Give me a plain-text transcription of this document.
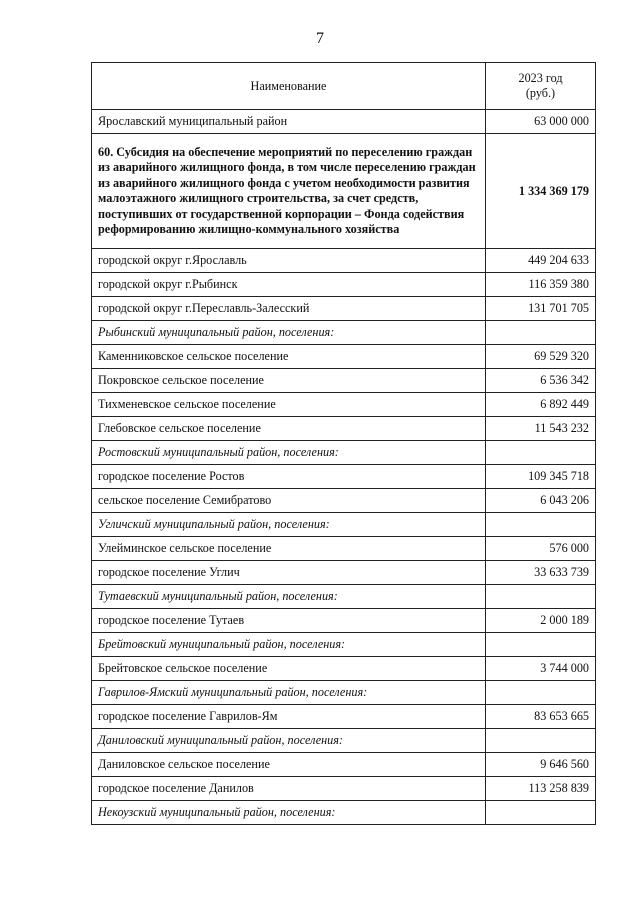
7
Наименование	2023 год
(руб.)
Ярославский муниципальный район	63 000 000
60. Субсидия на обеспечение мероприятий по переселению граждан из аварийного жилищного фонда, в том числе переселению граждан из аварийного жилищного фонда с учетом необходимости развития малоэтажного жилищного строительства, за счет средств, поступивших от государственной корпорации – Фонда содействия реформированию жилищно-коммунального хозяйства	1 334 369 179
городской округ г.Ярославль	449 204 633
городской округ г.Рыбинск	116 359 380
городской округ г.Переславль-Залесский	131 701 705
Рыбинский муниципальный район, поселения:	
Каменниковское сельское поселение	69 529 320
Покровское сельское поселение	6 536 342
Тихменевское сельское поселение	6 892 449
Глебовское сельское поселение	11 543 232
Ростовский муниципальный район, поселения:	
городское поселение Ростов	109 345 718
сельское поселение Семибратово	6 043 206
Угличский муниципальный район, поселения:	
Улейминское сельское поселение	576 000
городское поселение Углич	33 633 739
Тутаевский муниципальный район, поселения:	
городское поселение Тутаев	2 000 189
Брейтовский муниципальный район, поселения:	
Брейтовское сельское поселение	3 744 000
Гаврилов-Ямский муниципальный район, поселения:	
городское поселение Гаврилов-Ям	83 653 665
Даниловский муниципальный район, поселения:	
Даниловское сельское поселение	9 646 560
городское поселение Данилов	113 258 839
Некоузский муниципальный район, поселения:	
